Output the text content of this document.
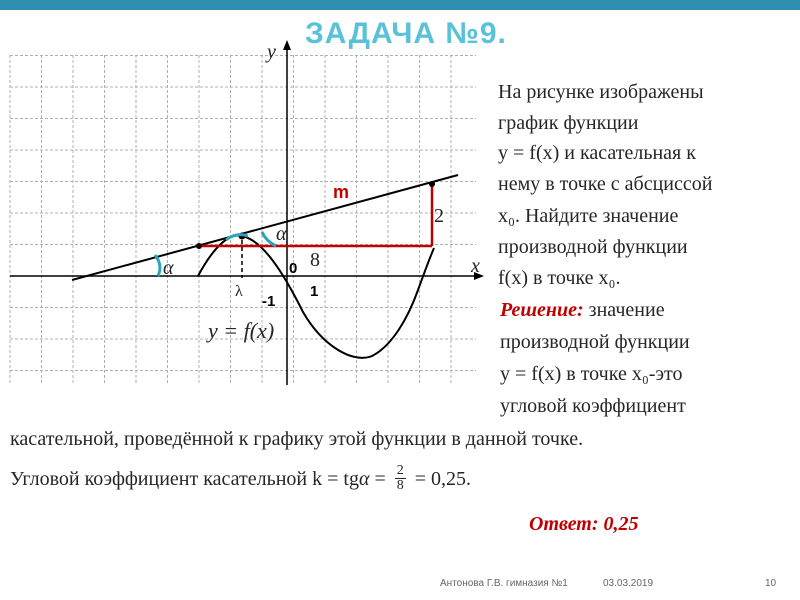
y
x
0
1
-1
m
2
8
α
α
λ
y = f(x)
ЗАДАЧА №9.
На рисунке изображены
график функции
y = f(x) и касательная к
нему в точке с абсциссой
x₀. Найдите значение
производной функции
f(x) в точке x₀.
Решение: значение
производной функции
y = f(x) в точке x₀-это
угловой коэффициент
касательной, проведённой к графику этой функции в данной точке.
Угловой коэффициент касательной $k = tg\alpha = \frac{2}{8} = 0,25$.
Ответ: 0,25
Антонова Г.В. гимназия №1	03.03.2019	10
